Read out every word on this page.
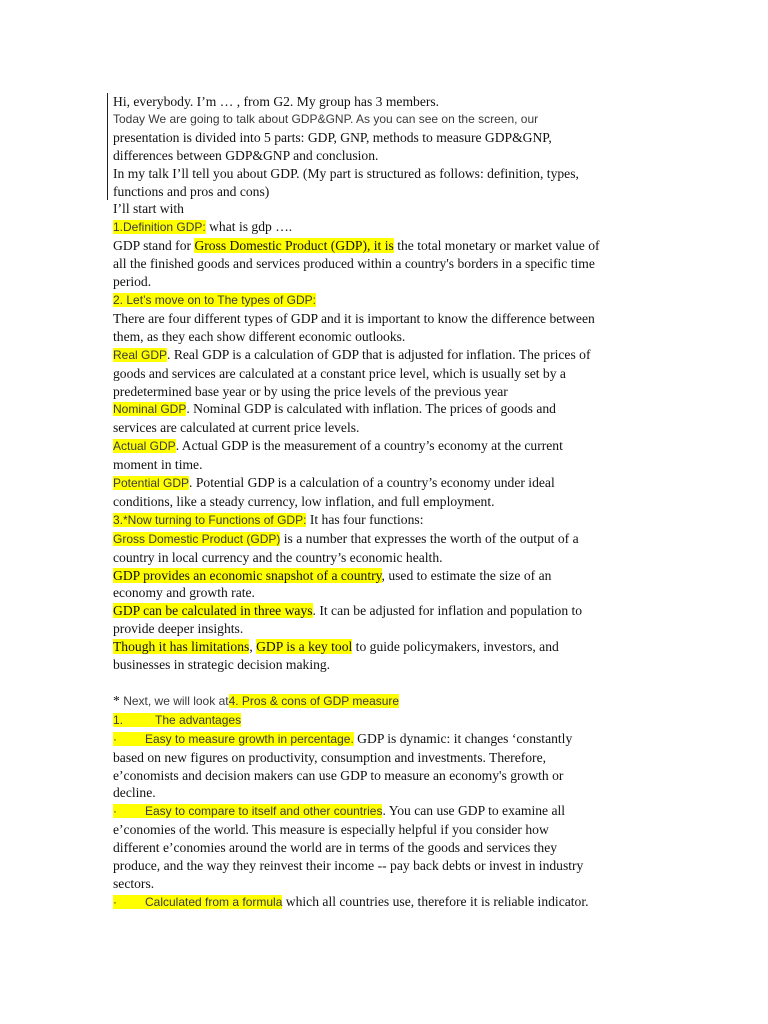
Hi, everybody. I’m … , from G2. My group has 3 members.
Today We are going to talk about GDP&GNP. As you can see on the screen, our
presentation is divided into 5 parts: GDP, GNP, methods to measure GDP&GNP,
differences between GDP&GNP and conclusion.
In my talk I’ll tell you about GDP. (My part is structured as follows: definition, types,
functions and pros and cons)
I’ll start with
1.Definition GDP: what is gdp ….
GDP stand for Gross Domestic Product (GDP), it is the total monetary or market value of
all the finished goods and services produced within a country's borders in a specific time
period.
2. Let’s move on to The types of GDP:
There are four different types of GDP and it is important to know the difference between
them, as they each show different economic outlooks.
Real GDP. Real GDP is a calculation of GDP that is adjusted for inflation. The prices of
goods and services are calculated at a constant price level, which is usually set by a
predetermined base year or by using the price levels of the previous year
Nominal GDP. Nominal GDP is calculated with inflation. The prices of goods and
services are calculated at current price levels.
Actual GDP. Actual GDP is the measurement of a country’s economy at the current
moment in time.
Potential GDP. Potential GDP is a calculation of a country’s economy under ideal
conditions, like a steady currency, low inflation, and full employment.
3.*Now turning to Functions of GDP: It has four functions:
Gross Domestic Product (GDP) is a number that expresses the worth of the output of a
country in local currency and the country’s economic health.
GDP provides an economic snapshot of a country, used to estimate the size of an
economy and growth rate.
GDP can be calculated in three ways. It can be adjusted for inflation and population to
provide deeper insights.
Though it has limitations, GDP is a key tool to guide policymakers, investors, and
businesses in strategic decision making.
* Next, we will look at4. Pros & cons of GDP measure
1.	The advantages
· Easy to measure growth in percentage. GDP is dynamic: it changes ‘constantly
based on new figures on productivity, consumption and investments. Therefore,
e’conomists and decision makers can use GDP to measure an economy's growth or
decline.
· Easy to compare to itself and other countries. You can use GDP to examine all
e’conomies of the world. This measure is especially helpful if you consider how
different e’conomies around the world are in terms of the goods and services they
produce, and the way they reinvest their income -- pay back debts or invest in industry
sectors.
· Calculated from a formula which all countries use, therefore it is reliable indicator.
